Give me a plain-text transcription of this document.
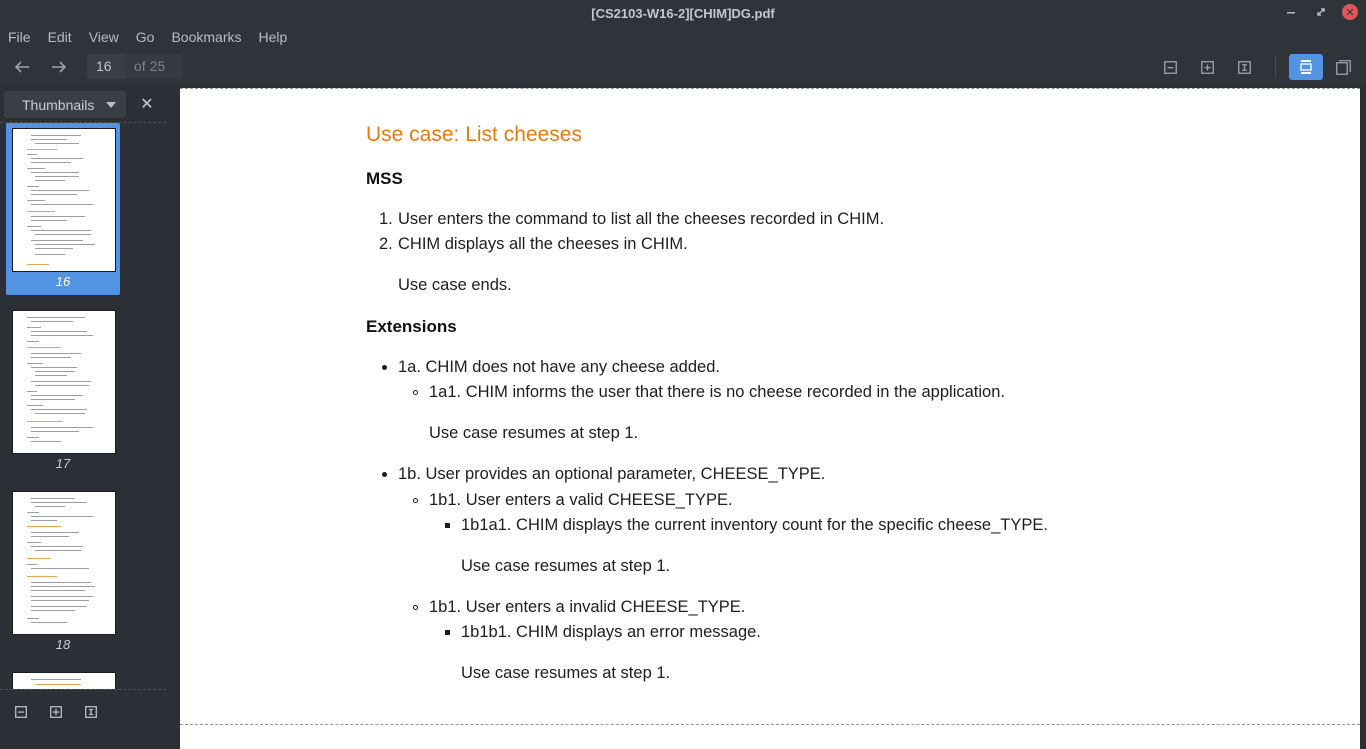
[CS2103-W16-2][CHIM]DG.pdf	✕
File	Edit	View	Go	Bookmarks	Help
16	of 25
Thumbnails	✕
16
17
18
Use case: List cheeses
MSS
1. User enters the command to list all the cheeses recorded in CHIM.
2. CHIM displays all the cheeses in CHIM.
Use case ends.
Extensions
1a. CHIM does not have any cheese added.
1a1. CHIM informs the user that there is no cheese recorded in the application.
Use case resumes at step 1.
1b. User provides an optional parameter, CHEESE_TYPE.
1b1. User enters a valid CHEESE_TYPE.
1b1a1. CHIM displays the current inventory count for the specific cheese_TYPE.
Use case resumes at step 1.
1b1. User enters a invalid CHEESE_TYPE.
1b1b1. CHIM displays an error message.
Use case resumes at step 1.
